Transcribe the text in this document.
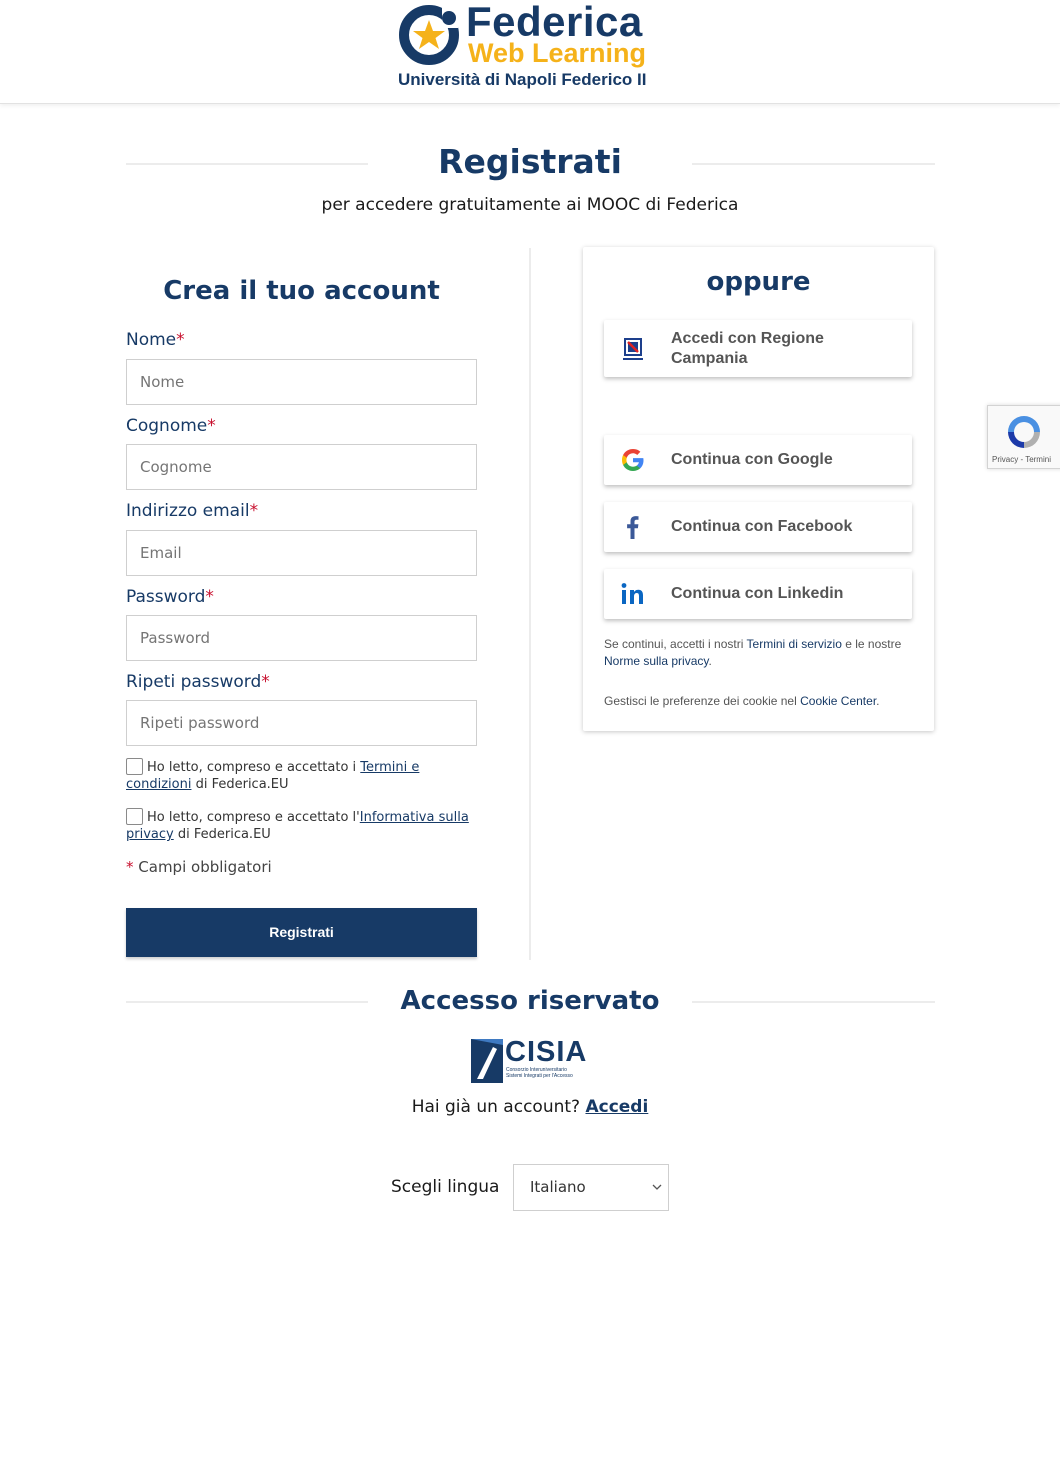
Federica
Web Learning
Università di Napoli Federico II
Registrati

per accedere gratuitamente ai MOOC di Federica

Crea il tuo account
Nome*
Nome
Cognome*
Cognome
Indirizzo email*
Email
Password*
Ripeti password*
Ho letto, compreso e accettato i Termini e condizioni di Federica.EU
Ho letto, compreso e accettato l'Informativa sulla privacy di Federica.EU
* Campi obbligatori
Registrati
oppure
Accedi con Regione Campania
Continua con Google
Continua con Facebook
Continua con Linkedin
Se continui, accetti i nostri Termini di servizio e le nostre Norme sulla privacy.
Gestisci le preferenze dei cookie nel Cookie Center.
Privacy - Termini
Accesso riservato
CISIA
Consorzio Interuniversitario
Sistemi Integrati per l'Accesso

Hai già un account? Accedi

Scegli lingua	Italiano
